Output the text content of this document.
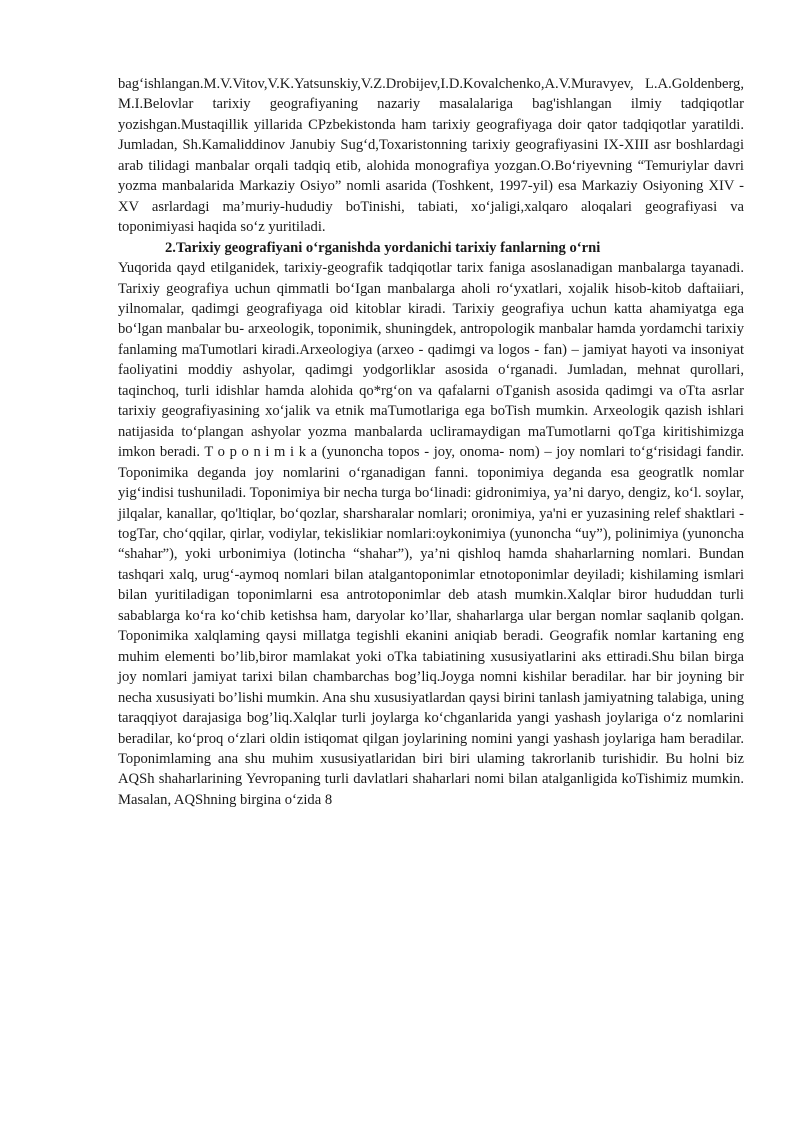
bag‘ishlangan.M.V.Vitov,V.K.Yatsunskiy,V.Z.Drobijev,I.D.Kovalchenko,A.V.Muravyev, L.A.Goldenberg, M.I.Belovlar tarixiy geografiyaning nazariy masalalariga bag'ishlangan ilmiy tadqiqotlar yozishgan.Mustaqillik yillarida CPzbekistonda ham tarixiy geografiyaga doir qator tadqiqotlar yaratildi. Jumladan, Sh.Kamaliddinov Janubiy Sug‘d,Toxaristonning tarixiy geografiyasini IX-XIII asr boshlardagi arab tilidagi manbalar orqali tadqiq etib, alohida monografiya yozgan.O.Bo‘riyevning “Temuriylar davri yozma manbalarida Markaziy Osiyo” nomli asarida (Toshkent, 1997-yil) esa Markaziy Osiyoning XIV - XV asrlardagi ma’muriy-hududiy boTinishi, tabiati, xo‘jaligi,xalqaro aloqalari geografiyasi va toponimiyasi haqida so‘z yuritiladi.

2.Tarixiy geografiyani o‘rganishda yordanichi tarixiy fanlarning o‘rni

Yuqorida qayd etilganidek, tarixiy-geografik tadqiqotlar tarix faniga asoslanadigan manbalarga tayanadi. Tarixiy geografiya uchun qimmatli bo‘Igan manbalarga aholi ro‘yxatlari, xojalik hisob-kitob daftaiiari, yilnomalar, qadimgi geografiyaga oid kitoblar kiradi. Tarixiy geografiya uchun katta ahamiyatga ega bo‘lgan manbalar bu- arxeologik, toponimik, shuningdek, antropologik manbalar hamda yordamchi tarixiy fanlaming maTumotlari kiradi.Arxeologiya (arxeo - qadimgi va logos - fan) – jamiyat hayoti va insoniyat faoliyatini moddiy ashyolar, qadimgi yodgorliklar asosida o‘rganadi. Jumladan, mehnat qurollari, taqinchoq, turli idishlar hamda alohida qo*rg‘on va qafalarni oTganish asosida qadimgi va oTta asrlar tarixiy geografiyasining xo‘jalik va etnik maTumotlariga ega boTish mumkin. Arxeologik qazish ishlari natijasida to‘plangan ashyolar yozma manbalarda ucliramaydigan maTumotlarni qoTga kiritishimizga imkon beradi. T o p o n i m i k a (yunoncha topos - joy, onoma- nom) – joy nomlari to‘g‘risidagi fandir. Toponimika deganda joy nomlarini o‘rganadigan fanni. toponimiya deganda esa geogratlk nomlar yig‘indisi tushuniladi. Toponimiya bir necha turga bo‘linadi: gidronimiya, ya’ni daryo, dengiz, ko‘l. soylar, jilqalar, kanallar, qo'ltiqlar, bo‘qozlar, sharsharalar nomlari; oronimiya, ya'ni er yuzasining relef shaktlari - togTar, cho‘qqilar, qirlar, vodiylar, tekislikiar nomlari:oykonimiya (yunoncha “uy”), polinimiya (yunoncha “shahar”), yoki urbonimiya (lotincha “shahar”), ya’ni qishloq hamda shaharlarning nomlari. Bundan tashqari xalq, urug‘-aymoq nomlari bilan atalgantoponimlar etnotoponimlar deyiladi; kishilaming ismlari bilan yuritiladigan toponimlarni esa antrotoponimlar deb atash mumkin.Xalqlar biror hududdan turli sabablarga ko‘ra ko‘chib ketishsa ham, daryolar ko’llar, shaharlarga ular bergan nomlar saqlanib qolgan. Toponimika xalqlaming qaysi millatga tegishli ekanini aniqiab beradi. Geografik nomlar kartaning eng muhim elementi bo’lib,biror mamlakat yoki oTka tabiatining xususiyatlarini aks ettiradi.Shu bilan birga joy nomlari jamiyat tarixi bilan chambarchas bog’liq.Joyga nomni kishilar beradilar. har bir joyning bir necha xususiyati bo’lishi mumkin. Ana shu xususiyatlardan qaysi birini tanlash jamiyatning talabiga, uning taraqqiyot darajasiga bog’liq.Xalqlar turli joylarga ko‘chganlarida yangi yashash joylariga o‘z nomlarini beradilar, ko‘proq o‘zlari oldin istiqomat qilgan joylarining nomini yangi yashash joylariga ham beradilar. Toponimlaming ana shu muhim xususiyatlaridan biri biri ulaming takrorlanib turishidir. Bu holni biz AQSh shaharlarining Yevropaning turli davlatlari shaharlari nomi bilan atalganligida koTishimiz mumkin. Masalan, AQShning birgina o‘zida 8
